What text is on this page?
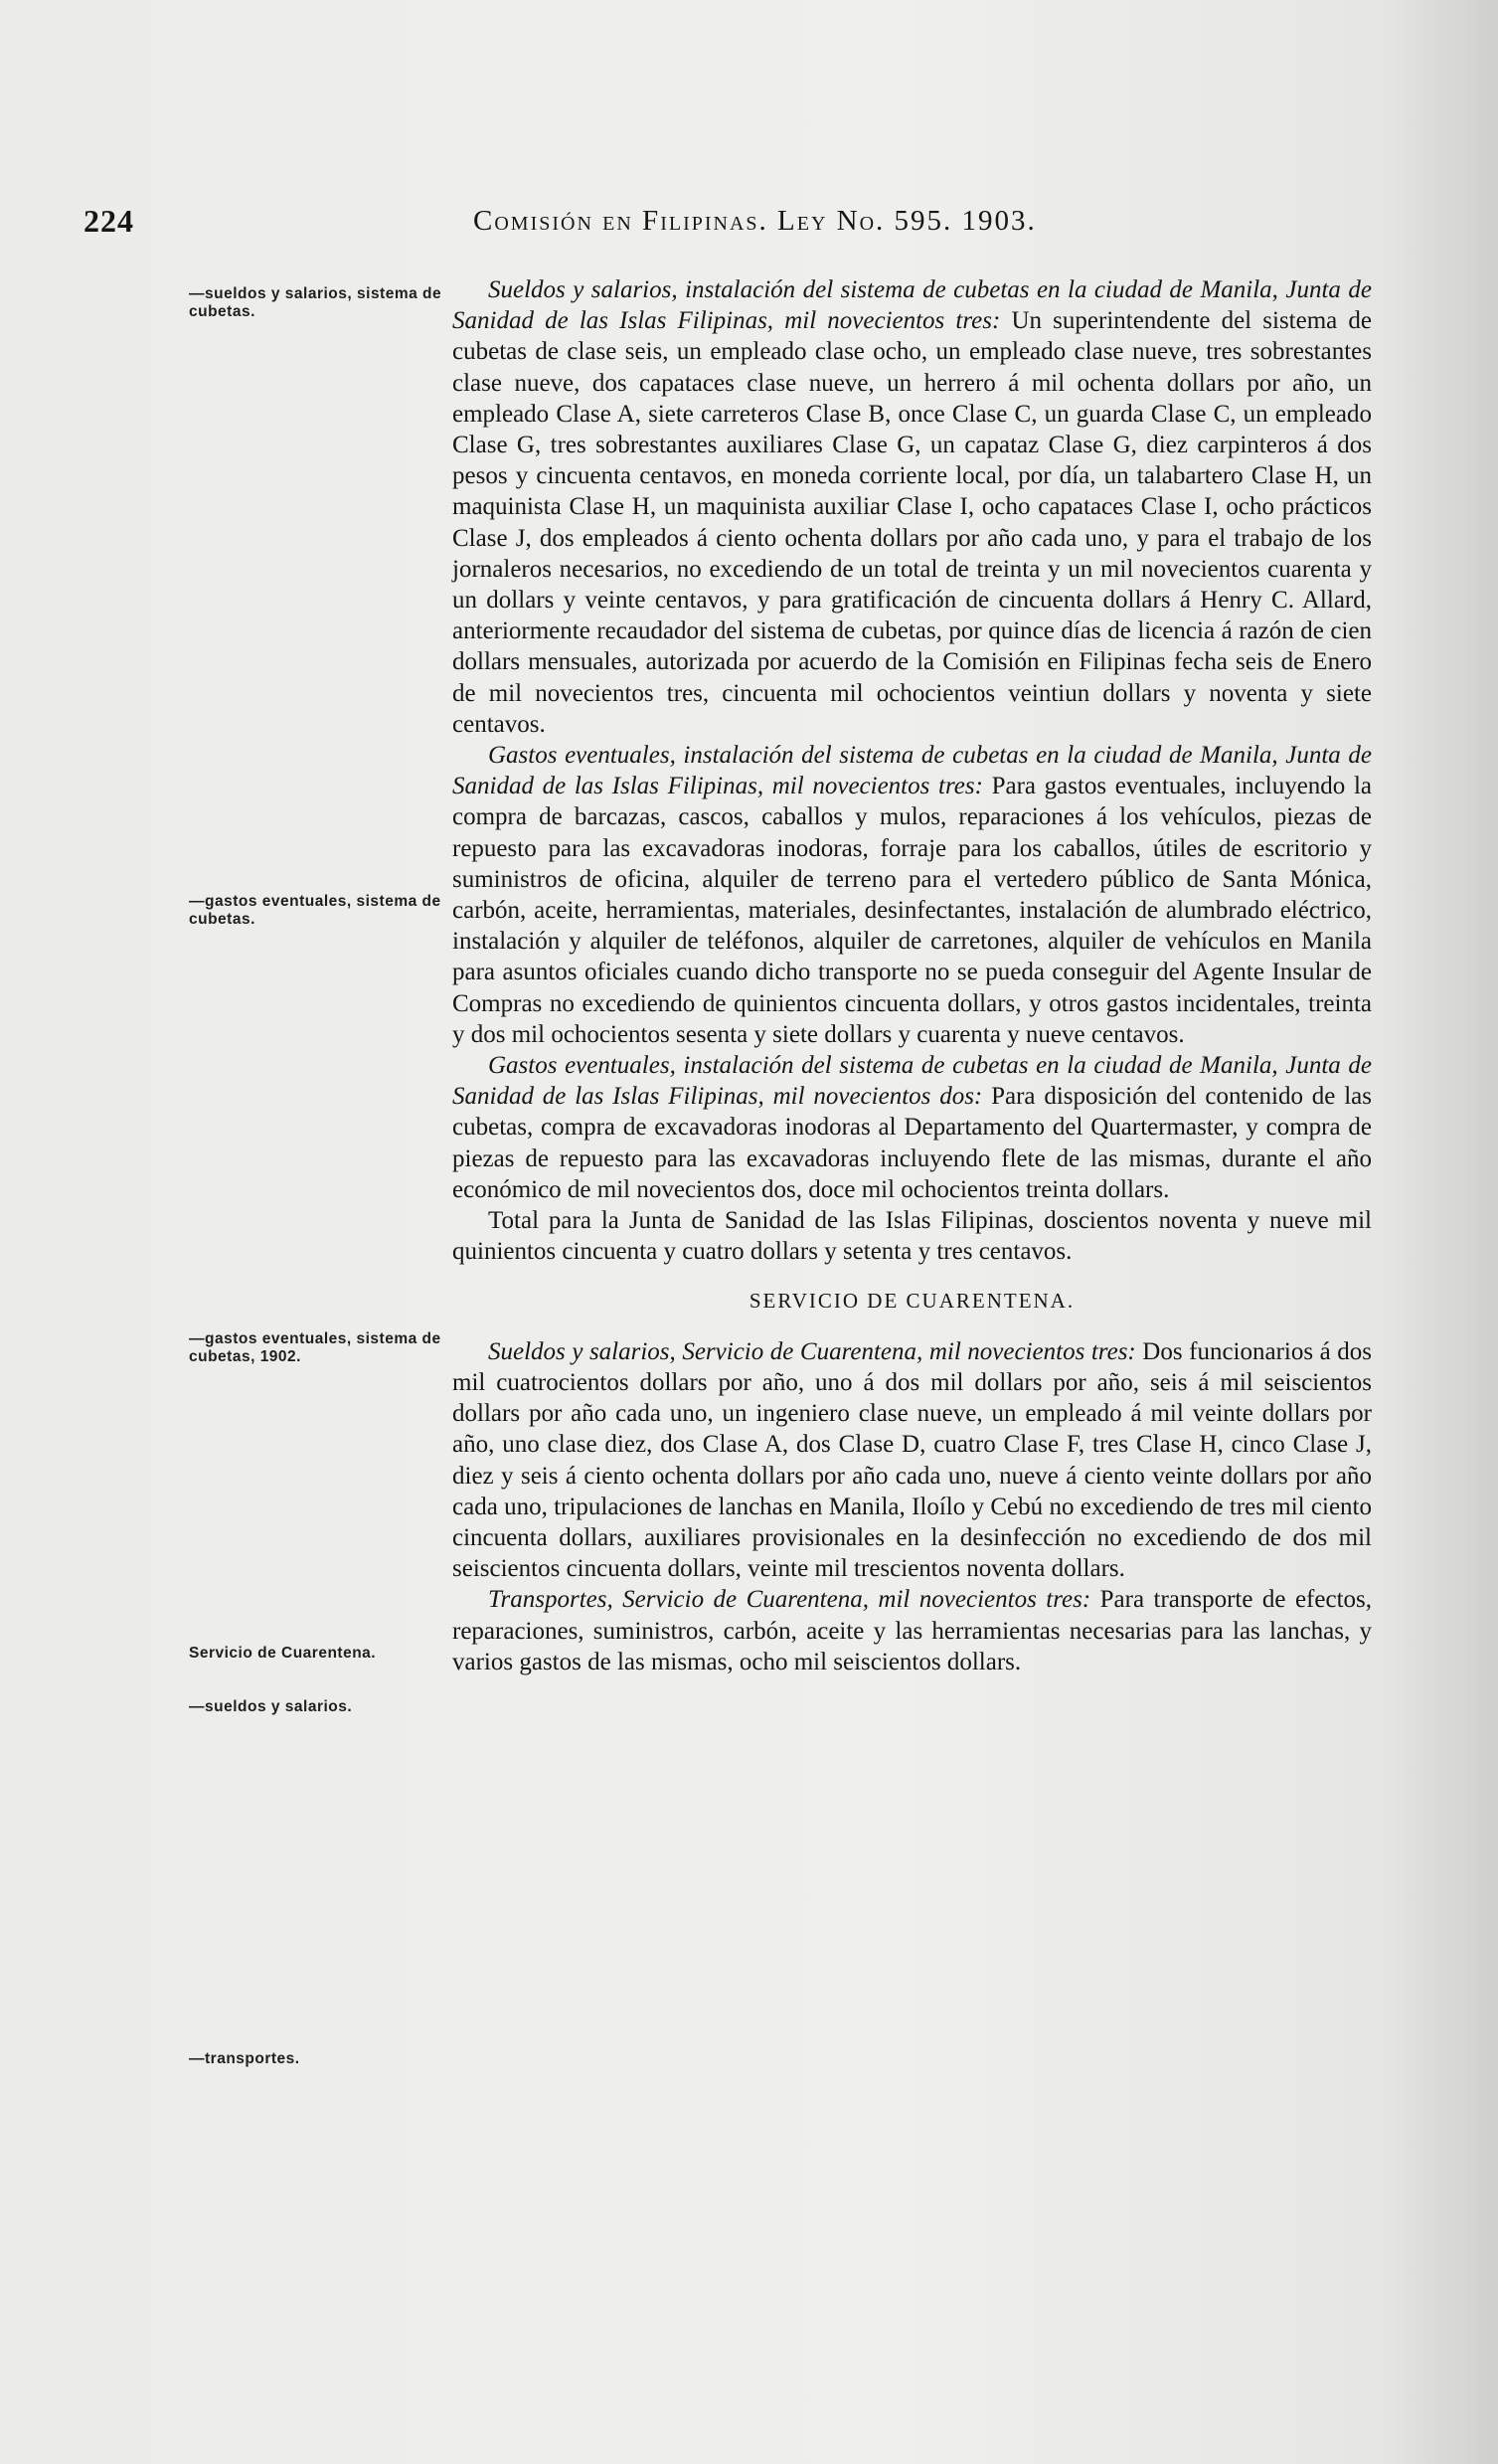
224	Comisión en Filipinas. Ley No. 595. 1903.
—sueldos y salarios, sistema de cubetas.
—gastos eventuales, sistema de cubetas.
—gastos eventuales, sistema de cubetas, 1902.
Servicio de Cuarentena.
—sueldos y salarios.
—transportes.

Sueldos y salarios, instalación del sistema de cubetas en la ciudad de Manila, Junta de Sanidad de las Islas Filipinas, mil novecientos tres: Un superintendente del sistema de cubetas de clase seis, un empleado clase ocho, un empleado clase nueve, tres sobrestantes clase nueve, dos capataces clase nueve, un herrero á mil ochenta dollars por año, un empleado Clase A, siete carreteros Clase B, once Clase C, un guarda Clase C, un empleado Clase G, tres sobrestantes auxiliares Clase G, un capataz Clase G, diez carpinteros á dos pesos y cincuenta centavos, en moneda corriente local, por día, un talabartero Clase H, un maquinista Clase H, un maquinista auxiliar Clase I, ocho capataces Clase I, ocho prácticos Clase J, dos empleados á ciento ochenta dollars por año cada uno, y para el trabajo de los jornaleros necesarios, no excediendo de un total de treinta y un mil novecientos cuarenta y un dollars y veinte centavos, y para gratificación de cincuenta dollars á Henry C. Allard, anteriormente recaudador del sistema de cubetas, por quince días de licencia á razón de cien dollars mensuales, autorizada por acuerdo de la Comisión en Filipinas fecha seis de Enero de mil novecientos tres, cincuenta mil ochocientos veintiun dollars y noventa y siete centavos.

Gastos eventuales, instalación del sistema de cubetas en la ciudad de Manila, Junta de Sanidad de las Islas Filipinas, mil novecientos tres: Para gastos eventuales, incluyendo la compra de barcazas, cascos, caballos y mulos, reparaciones á los vehículos, piezas de repuesto para las excavadoras inodoras, forraje para los caballos, útiles de escritorio y suministros de oficina, alquiler de terreno para el vertedero público de Santa Mónica, carbón, aceite, herramientas, materiales, desinfectantes, instalación de alumbrado eléctrico, instalación y alquiler de teléfonos, alquiler de carretones, alquiler de vehículos en Manila para asuntos oficiales cuando dicho transporte no se pueda conseguir del Agente Insular de Compras no excediendo de quinientos cincuenta dollars, y otros gastos incidentales, treinta y dos mil ochocientos sesenta y siete dollars y cuarenta y nueve centavos.

Gastos eventuales, instalación del sistema de cubetas en la ciudad de Manila, Junta de Sanidad de las Islas Filipinas, mil novecientos dos: Para disposición del contenido de las cubetas, compra de excavadoras inodoras al Departamento del Quartermaster, y compra de piezas de repuesto para las excavadoras incluyendo flete de las mismas, durante el año económico de mil novecientos dos, doce mil ochocientos treinta dollars.

Total para la Junta de Sanidad de las Islas Filipinas, doscientos noventa y nueve mil quinientos cincuenta y cuatro dollars y setenta y tres centavos.

SERVICIO DE CUARENTENA.

Sueldos y salarios, Servicio de Cuarentena, mil novecientos tres: Dos funcionarios á dos mil cuatrocientos dollars por año, uno á dos mil dollars por año, seis á mil seiscientos dollars por año cada uno, un ingeniero clase nueve, un empleado á mil veinte dollars por año, uno clase diez, dos Clase A, dos Clase D, cuatro Clase F, tres Clase H, cinco Clase J, diez y seis á ciento ochenta dollars por año cada uno, nueve á ciento veinte dollars por año cada uno, tripulaciones de lanchas en Manila, Iloílo y Cebú no excediendo de tres mil ciento cincuenta dollars, auxiliares provisionales en la desinfección no excediendo de dos mil seiscientos cincuenta dollars, veinte mil trescientos noventa dollars.

Transportes, Servicio de Cuarentena, mil novecientos tres: Para transporte de efectos, reparaciones, suministros, carbón, aceite y las herramientas necesarias para las lanchas, y varios gastos de las mismas, ocho mil seiscientos dollars.
